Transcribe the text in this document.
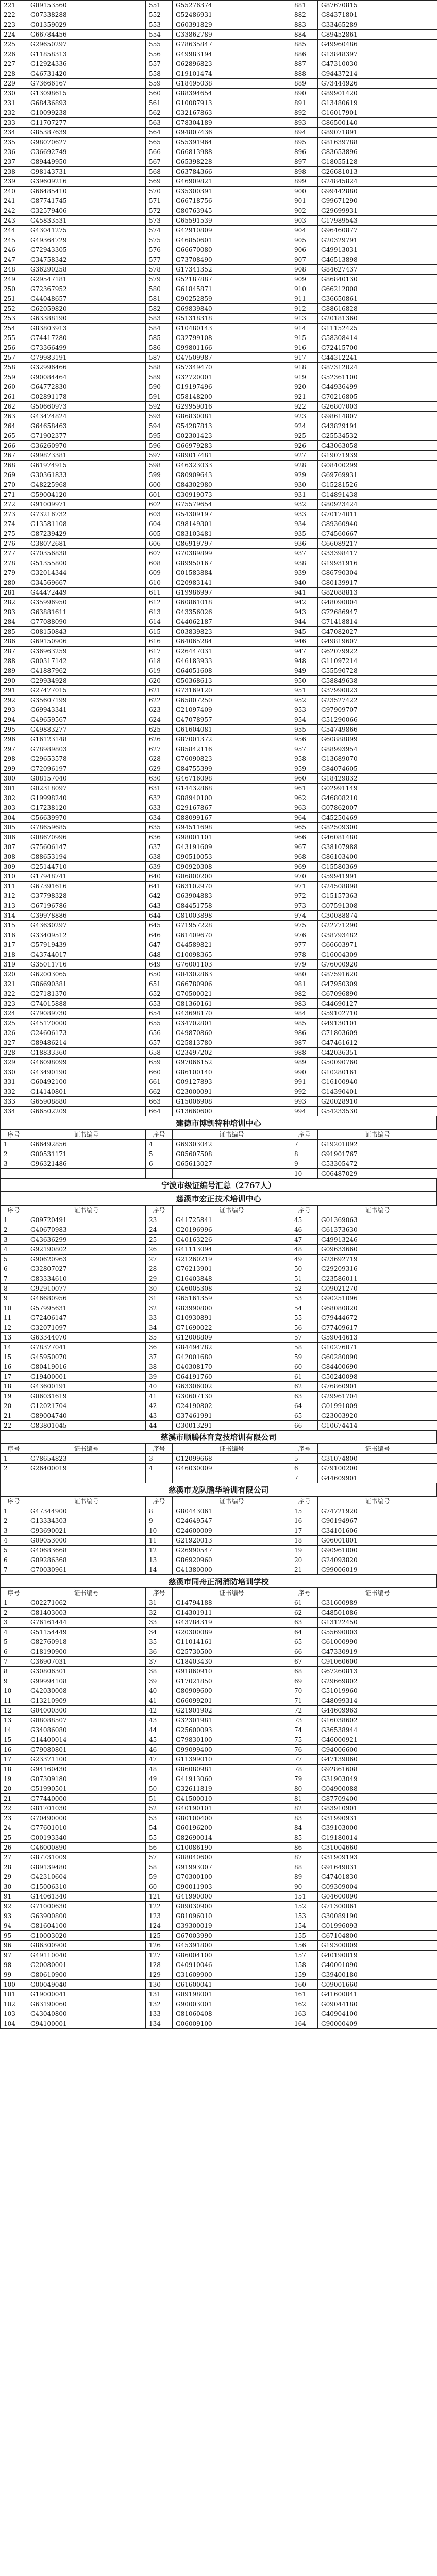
221	G09153560	551	G55276374	881	G87670815
222	G07338288	552	G52486931	882	G84371801
223	G01359029	553	G60391829	883	G33465289
224	G66784456	554	G33862789	884	G89452861
225	G29650297	555	G78635847	885	G49960486
226	G11858313	556	G49983194	886	G13848397
227	G12924336	557	G62896823	887	G47310030
228	G46731420	558	G19101474	888	G94437214
229	G73666167	559	G18495038	889	G73444926
230	G13098615	560	G88394654	890	G89901420
231	G68436893	561	G10087913	891	G13480619
232	G10099238	562	G32167863	892	G16017901
233	G11707277	563	G78304189	893	G86500140
234	G85387639	564	G94807436	894	G89071891
235	G98070627	565	G55391964	895	G81639788
236	G36692749	566	G66813988	896	G83653896
237	G89449950	567	G65398228	897	G18055128
238	G98143731	568	G63784366	898	G26681013
239	G39609216	569	G46909821	899	G24845824
240	G66485410	570	G35300391	900	G99442880
241	G87741745	571	G66718756	901	G99671290
242	G32579406	572	G80763945	902	G29699931
243	G45833531	573	G65591539	903	G17989543
244	G43041275	574	G42910809	904	G96460877
245	G49364729	575	G46850601	905	G20329791
246	G72943305	576	G66670080	906	G49913031
247	G34758342	577	G73708490	907	G46513898
248	G36290258	578	G17341352	908	G84627437
249	G29547181	579	G52187887	909	G86840130
250	G72367952	580	G61845871	910	G66212808
251	G44048657	581	G90252859	911	G36650861
252	G62059820	582	G69839840	912	G88616828
253	G63388190	583	G51318318	913	G20181360
254	G83803913	584	G10480143	914	G11152425
255	G74417280	585	G32799108	915	G58308414
256	G73366499	586	G99801166	916	G72415700
257	G79983191	587	G47509987	917	G44312241
258	G32996466	588	G57349470	918	G87312024
259	G90084464	589	G32720001	919	G52361100
260	G64772830	590	G19197496	920	G44936499
261	G02891178	591	G58148200	921	G70216805
262	G50660973	592	G29959016	922	G26807003
263	G43474824	593	G86830081	923	G98614807
264	G64658463	594	G54287813	924	G43829191
265	G71902377	595	G02301423	925	G25534532
266	G36260970	596	G66979283	926	G43063058
267	G99873381	597	G89017481	927	G19071939
268	G61974915	598	G46323033	928	G08400299
269	G30361833	599	G80909643	929	G69769931
270	G48225968	600	G84302980	930	G15281526
271	G59004120	601	G30919073	931	G14891438
272	G91009971	602	G75579654	932	G80923424
273	G73216732	603	G54309197	933	G70174011
274	G13581108	604	G98149301	934	G89360940
275	G87239429	605	G83103481	935	G74560667
276	G38072681	606	G86919797	936	G66089217
277	G70356838	607	G70389899	937	G33398417
278	G51355800	608	G89950167	938	G19931916
279	G32014344	609	G01583884	939	G86790304
280	G34569667	610	G20983141	940	G80139917
281	G44472449	611	G19986997	941	G82088813
282	G35996950	612	G60861018	942	G48090004
283	G63881611	613	G43356026	943	G72686947
284	G77088090	614	G44062187	944	G71418814
285	G08150843	615	G03839823	945	G47082027
286	G69150906	616	G64065284	946	G49819607
287	G36963259	617	G26447031	947	G62079922
288	G00317142	618	G46183933	948	G11097214
289	G41887962	619	G64051608	949	G55590728
290	G29934928	620	G50368613	950	G58849638
291	G27477015	621	G73169120	951	G37990023
292	G35607199	622	G65807250	952	G23527422
293	G69943341	623	G21097409	953	G97909707
294	G49659567	624	G47078957	954	G51290066
295	G49883277	625	G61604081	955	G54749866
296	G16123148	626	G87001372	956	G60888899
297	G78989803	627	G85842116	957	G88993954
298	G29653578	628	G76090823	958	G13689070
299	G72096197	629	G84755399	959	G84074605
300	G08157040	630	G46716098	960	G18429832
301	G02318097	631	G14432868	961	G02991149
302	G19998240	632	G88940100	962	G46808210
303	G17238120	633	G29167867	963	G07862007
304	G56639970	634	G88099167	964	G45250469
305	G78659685	635	G94511698	965	G82509300
306	G08670996	636	G98001101	966	G46081480
307	G75606147	637	G43191609	967	G38107988
308	G88653194	638	G90510053	968	G86103400
309	G25144710	639	G90920308	969	G15580369
310	G17948741	640	G06800200	970	G59941991
311	G67391616	641	G63102970	971	G24508898
312	G37798328	642	G63904883	972	G15157363
313	G67196786	643	G84451758	973	G07591308
314	G39978886	644	G81003898	974	G30088874
315	G43630297	645	G71957228	975	G22771290
316	G33409512	646	G61409670	976	G38793482
317	G57919439	647	G44589821	977	G66603971
318	G43744017	648	G10098365	978	G16004309
319	G35011716	649	G76001103	979	G76000920
320	G62003065	650	G04302863	980	G87591620
321	G86690381	651	G66780906	981	G47950309
322	G27181370	652	G70500021	982	G67096890
323	G74015888	653	G81360161	983	G44690127
324	G79089730	654	G43698170	984	G59102710
325	G45170000	655	G34702801	985	G49130101
326	G24606173	656	G49870860	986	G71803609
327	G89486214	657	G25813780	987	G47461612
328	G18833360	658	G23497202	988	G42036351
329	G46098099	659	G97066152	989	G50090760
330	G43490190	660	G86100140	990	G10280161
331	G60492100	661	G09127893	991	G16100940
332	G14140801	662	G23000091	992	G14390401
333	G65908880	663	G15006908	993	G20028910
334	G66502209	664	G13660600	994	G54233530
建德市博凯特种培训中心
序号	证书编号	序号	证书编号	序号	证书编号
1	G66492856	4	G69303042	7	G19201092
2	G00531171	5	G85607508	8	G91901767
3	G96321486	6	G65613027	9	G53305472
				10	G06487029
宁波市级证编号汇总（2767人）
慈溪市宏正技术培训中心
序号	证书编号	序号	证书编号	序号	证书编号
1	G09720491	23	G41725841	45	G01369063
2	G40670983	24	G20196996	46	G61373630
3	G43636299	25	G40163226	47	G49913246
4	G92190802	26	G41113094	48	G09633660
5	G90620963	27	G21260219	49	G23692719
6	G32807027	28	G76213901	50	G29209316
7	G83334610	29	G16403848	51	G23586011
8	G92910077	30	G46005308	52	G09021270
9	G46680956	31	G65161359	53	G90251096
10	G57995631	32	G83990800	54	G68080820
11	G72406147	33	G10930891	55	G79444672
12	G32071097	34	G71690022	56	G77409617
13	G63344070	35	G12008809	57	G59044613
14	G78377041	36	G84494782	58	G10276071
15	G45950070	37	G42001680	59	G60280090
16	G80419016	38	G40308170	60	G84400690
17	G19400001	39	G64191760	61	G50240098
18	G43600191	40	G63306002	62	G76860901
19	G06031619	41	G30607130	63	G29961704
20	G12021704	42	G24190802	64	G01991009
21	G89004740	43	G37461991	65	G23003920
22	G83801045	44	G30013291	66	G10674414
慈溪市顺腾体育竞技培训有限公司
序号	证书编号	序号	证书编号	序号	证书编号
1	G78654823	3	G12099668	5	G31074800
2	G26400019	4	G46030009	6	G79100200
				7	G44609901
慈溪市龙队瞻华培训有限公司
序号	证书编号	序号	证书编号	序号	证书编号
1	G47344900	8	G80443061	15	G74721920
2	G13334303	9	G24649547	16	G90194967
3	G93690021	10	G24600009	17	G34101606
4	G09053000	11	G21920013	18	G06001801
5	G40683668	12	G26990547	19	G90961000
6	G09286368	13	G86920960	20	G24093820
7	G70030961	14	G41380000	21	G99006019
慈溪市同舟正润消防培训学校
序号	证书编号	序号	证书编号	序号	证书编号
1	G02271062	31	G14794188	61	G31600989
2	G81403003	32	G14301911	62	G48501086
3	G76161444	33	G43784319	63	G13122450
4	G51154449	34	G20300089	64	G55690003
5	G82760918	35	G11014161	65	G61000990
6	G18190900	36	G25730500	66	G47330919
7	G36907031	37	G18403430	67	G91060600
8	G30806301	38	G91860910	68	G67260813
9	G99994108	39	G17021850	69	G29669802
10	G42030008	40	G80909600	70	G51019960
11	G13210909	41	G66099201	71	G48099314
12	G04000300	42	G21901902	72	G44609963
13	G08088507	43	G32301981	73	G16038602
14	G34086080	44	G25600093	74	G36538944
15	G14400014	45	G79830100	75	G46000921
16	G79080801	46	G99099400	76	G94006600
17	G23371100	47	G11399010	77	G47139060
18	G94160430	48	G86080981	78	G92861608
19	G07309180	49	G41913060	79	G31903049
20	G51990501	50	G32611819	80	G04900088
21	G77440000	51	G41500010	81	G87709400
22	G81701030	52	G40190101	82	G83910901
23	G70490000	53	G80100400	83	G31990931
24	G77601010	54	G60196200	84	G39103000
25	G00193340	55	G82690014	85	G19180014
26	G46000890	56	G10086190	86	G31004660
27	G87731009	57	G08040600	87	G31909193
28	G89139480	58	G91993007	88	G91649031
29	G42310604	59	G70300100	89	G47401830
30	G15006310	60	G90011903	90	G09309004
91	G14061340	121	G41990000	151	G04600090
92	G71000630	122	G09030900	152	G71300061
93	G63900800	123	G81096010	153	G30089190
94	G81604100	124	G39300019	154	G01996093
95	G10003020	125	G67003990	155	G67104800
96	G86300900	126	G45391800	156	G19300009
97	G49110040	127	G86004100	157	G40190019
98	G20080001	128	G40910046	158	G40001090
99	G80610900	129	G31609900	159	G39400180
100	G00049040	130	G61600041	160	G09001660
101	G19000041	131	G09198001	161	G41600041
102	G63190060	132	G90003001	162	G09044180
103	G43040800	133	G81060408	163	G40904100
104	G94100001	134	G06009100	164	G90000409
